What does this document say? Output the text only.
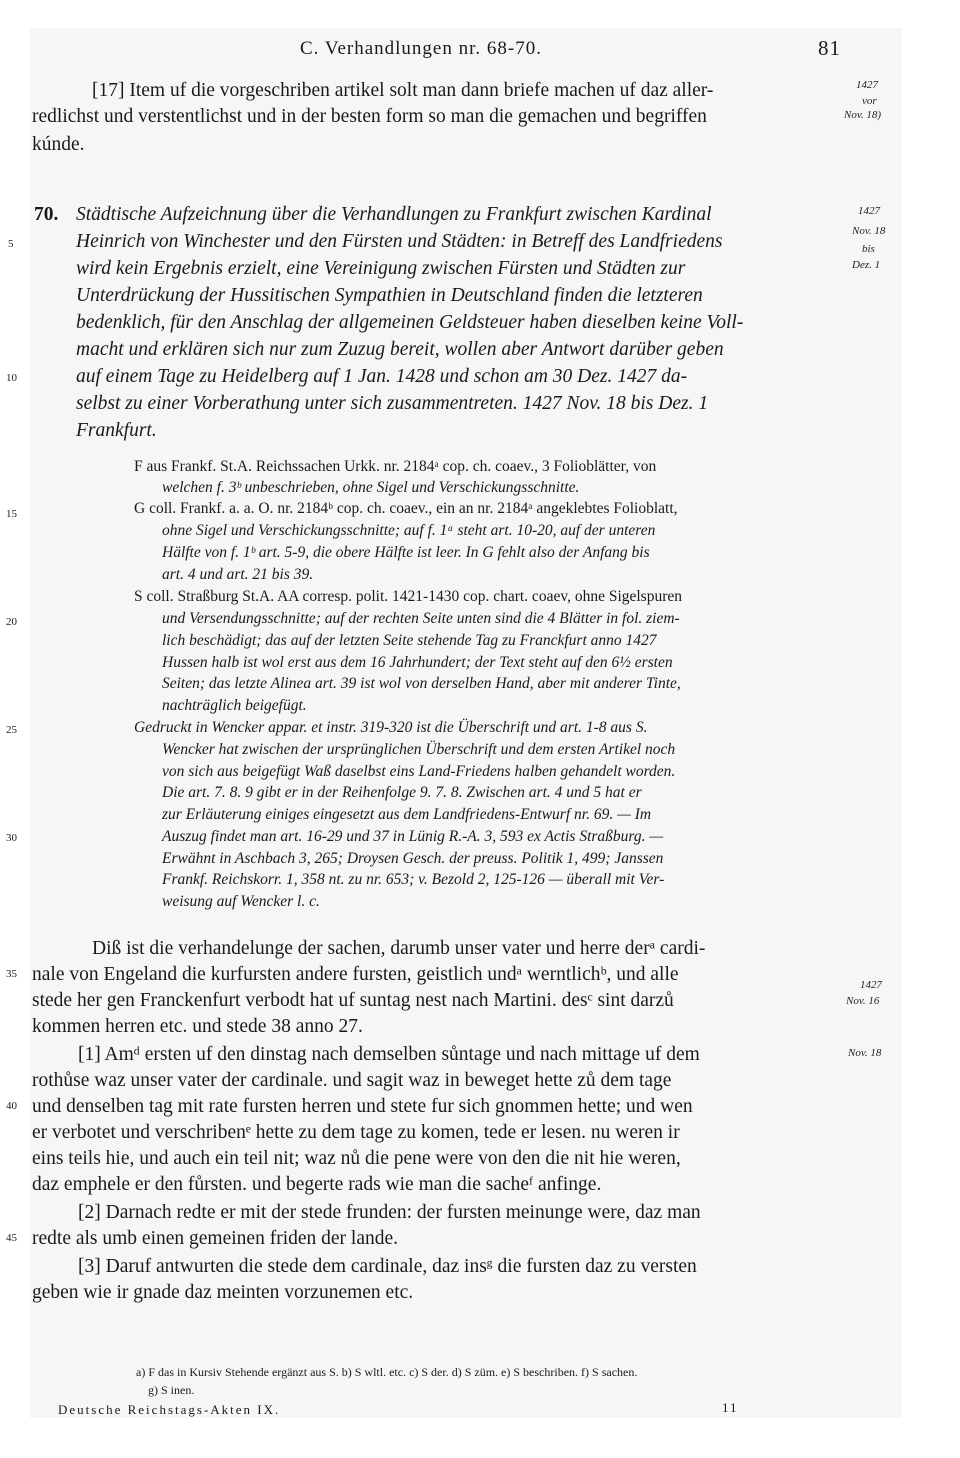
C. Verhandlungen nr. 68-70.	81
[17] Item uf die vorgeschriben artikel solt man dann briefe machen uf daz aller-
redlichst und verstentlichst und in der besten form so man die gemachen und begriffen
kúnde.
1427
vor
Nov. 18)
70. Städtische Aufzeichnung über die Verhandlungen zu Frankfurt zwischen Kardinal
Heinrich von Winchester und den Fürsten und Städten: in Betreff des Landfriedens
wird kein Ergebnis erzielt, eine Vereinigung zwischen Fürsten und Städten zur
Unterdrückung der Hussitischen Sympathien in Deutschland finden die letzteren
bedenklich, für den Anschlag der allgemeinen Geldsteuer haben dieselben keine Voll-
macht und erklären sich nur zum Zuzug bereit, wollen aber Antwort darüber geben
auf einem Tage zu Heidelberg auf 1 Jan. 1428 und schon am 30 Dez. 1427 da-
selbst zu einer Vorberathung unter sich zusammentreten. 1427 Nov. 18 bis Dez. 1
Frankfurt.
1427
Nov. 18
bis
Dez. 1
F aus Frankf. St.A. Reichssachen Urkk. nr. 2184ᵃ cop. ch. coaev., 3 Folioblätter, von
welchen f. 3ᵇ unbeschrieben, ohne Sigel und Verschickungsschnitte.
G coll. Frankf. a. a. O. nr. 2184ᵇ cop. ch. coaev., ein an nr. 2184ᵃ angeklebtes Folioblatt,
ohne Sigel und Verschickungsschnitte; auf f. 1ᵃ steht art. 10-20, auf der unteren
Hälfte von f. 1ᵇ art. 5-9, die obere Hälfte ist leer. In G fehlt also der Anfang bis
art. 4 und art. 21 bis 39.
S coll. Straßburg St.A. AA corresp. polit. 1421-1430 cop. chart. coaev, ohne Sigelspuren
und Versendungsschnitte; auf der rechten Seite unten sind die 4 Blätter in fol. ziem-
lich beschädigt; das auf der letzten Seite stehende Tag zu Franckfurt anno 1427
Hussen halb ist wol erst aus dem 16 Jahrhundert; der Text steht auf den 6½ ersten
Seiten; das letzte Alinea art. 39 ist wol von derselben Hand, aber mit anderer Tinte,
nachträglich beigefügt.
Gedruckt in Wencker appar. et instr. 319-320 ist die Überschrift und art. 1-8 aus S.
Wencker hat zwischen der ursprünglichen Überschrift und dem ersten Artikel noch
von sich aus beigefügt Waß daselbst eins Land-Friedens halben gehandelt worden.
Die art. 7. 8. 9 gibt er in der Reihenfolge 9. 7. 8. Zwischen art. 4 und 5 hat er
zur Erläuterung einiges eingesetzt aus dem Landfriedens-Entwurf nr. 69. — Im
Auszug findet man art. 16-29 und 37 in Lünig R.-A. 3, 593 ex Actis Straßburg. —
Erwähnt in Aschbach 3, 265; Droysen Gesch. der preuss. Politik 1, 499; Janssen
Frankf. Reichskorr. 1, 358 nt. zu nr. 653; v. Bezold 2, 125-126 — überall mit Ver-
weisung auf Wencker l. c.
Diß ist die verhandelunge der sachen, darumb unser vater und herre derᵃ cardi-
nale von Engeland die kurfursten andere fursten, geistlich undᵃ werntlichᵇ, und alle
stede her gen Franckenfurt verbodt hat uf suntag nest nach Martini. desᶜ sint darzů
kommen herren etc. und stede 38 anno 27.
[1] Amᵈ ersten uf den dinstag nach demselben sůntage und nach mittage uf dem
rothůse waz unser vater der cardinale. und sagit waz in beweget hette zů dem tage
und denselben tag mit rate fursten herren und stete fur sich gnommen hette; und wen
er verbotet und verschribenᵉ hette zu dem tage zu komen, tede er lesen. nu weren ir
eins teils hie, und auch ein teil nit; waz nů die pene were von den die nit hie weren,
daz emphele er den fůrsten. und begerte rads wie man die sacheᶠ anfinge.
[2] Darnach redte er mit der stede frunden: der fursten meinunge were, daz man
redte als umb einen gemeinen friden der lande.
[3] Daruf antwurten die stede dem cardinale, daz insᵍ die fursten daz zu versten
geben wie ir gnade daz meinten vorzunemen etc.
1427
Nov. 16
Nov. 18
5
10
15
20
25
30
35
40
45
a) F das in Kursiv Stehende ergänzt aus S. b) S wltl. etc. c) S der. d) S züm. e) S beschriben. f) S sachen.
g) S inen.
Deutsche Reichstags-Akten IX.	11
